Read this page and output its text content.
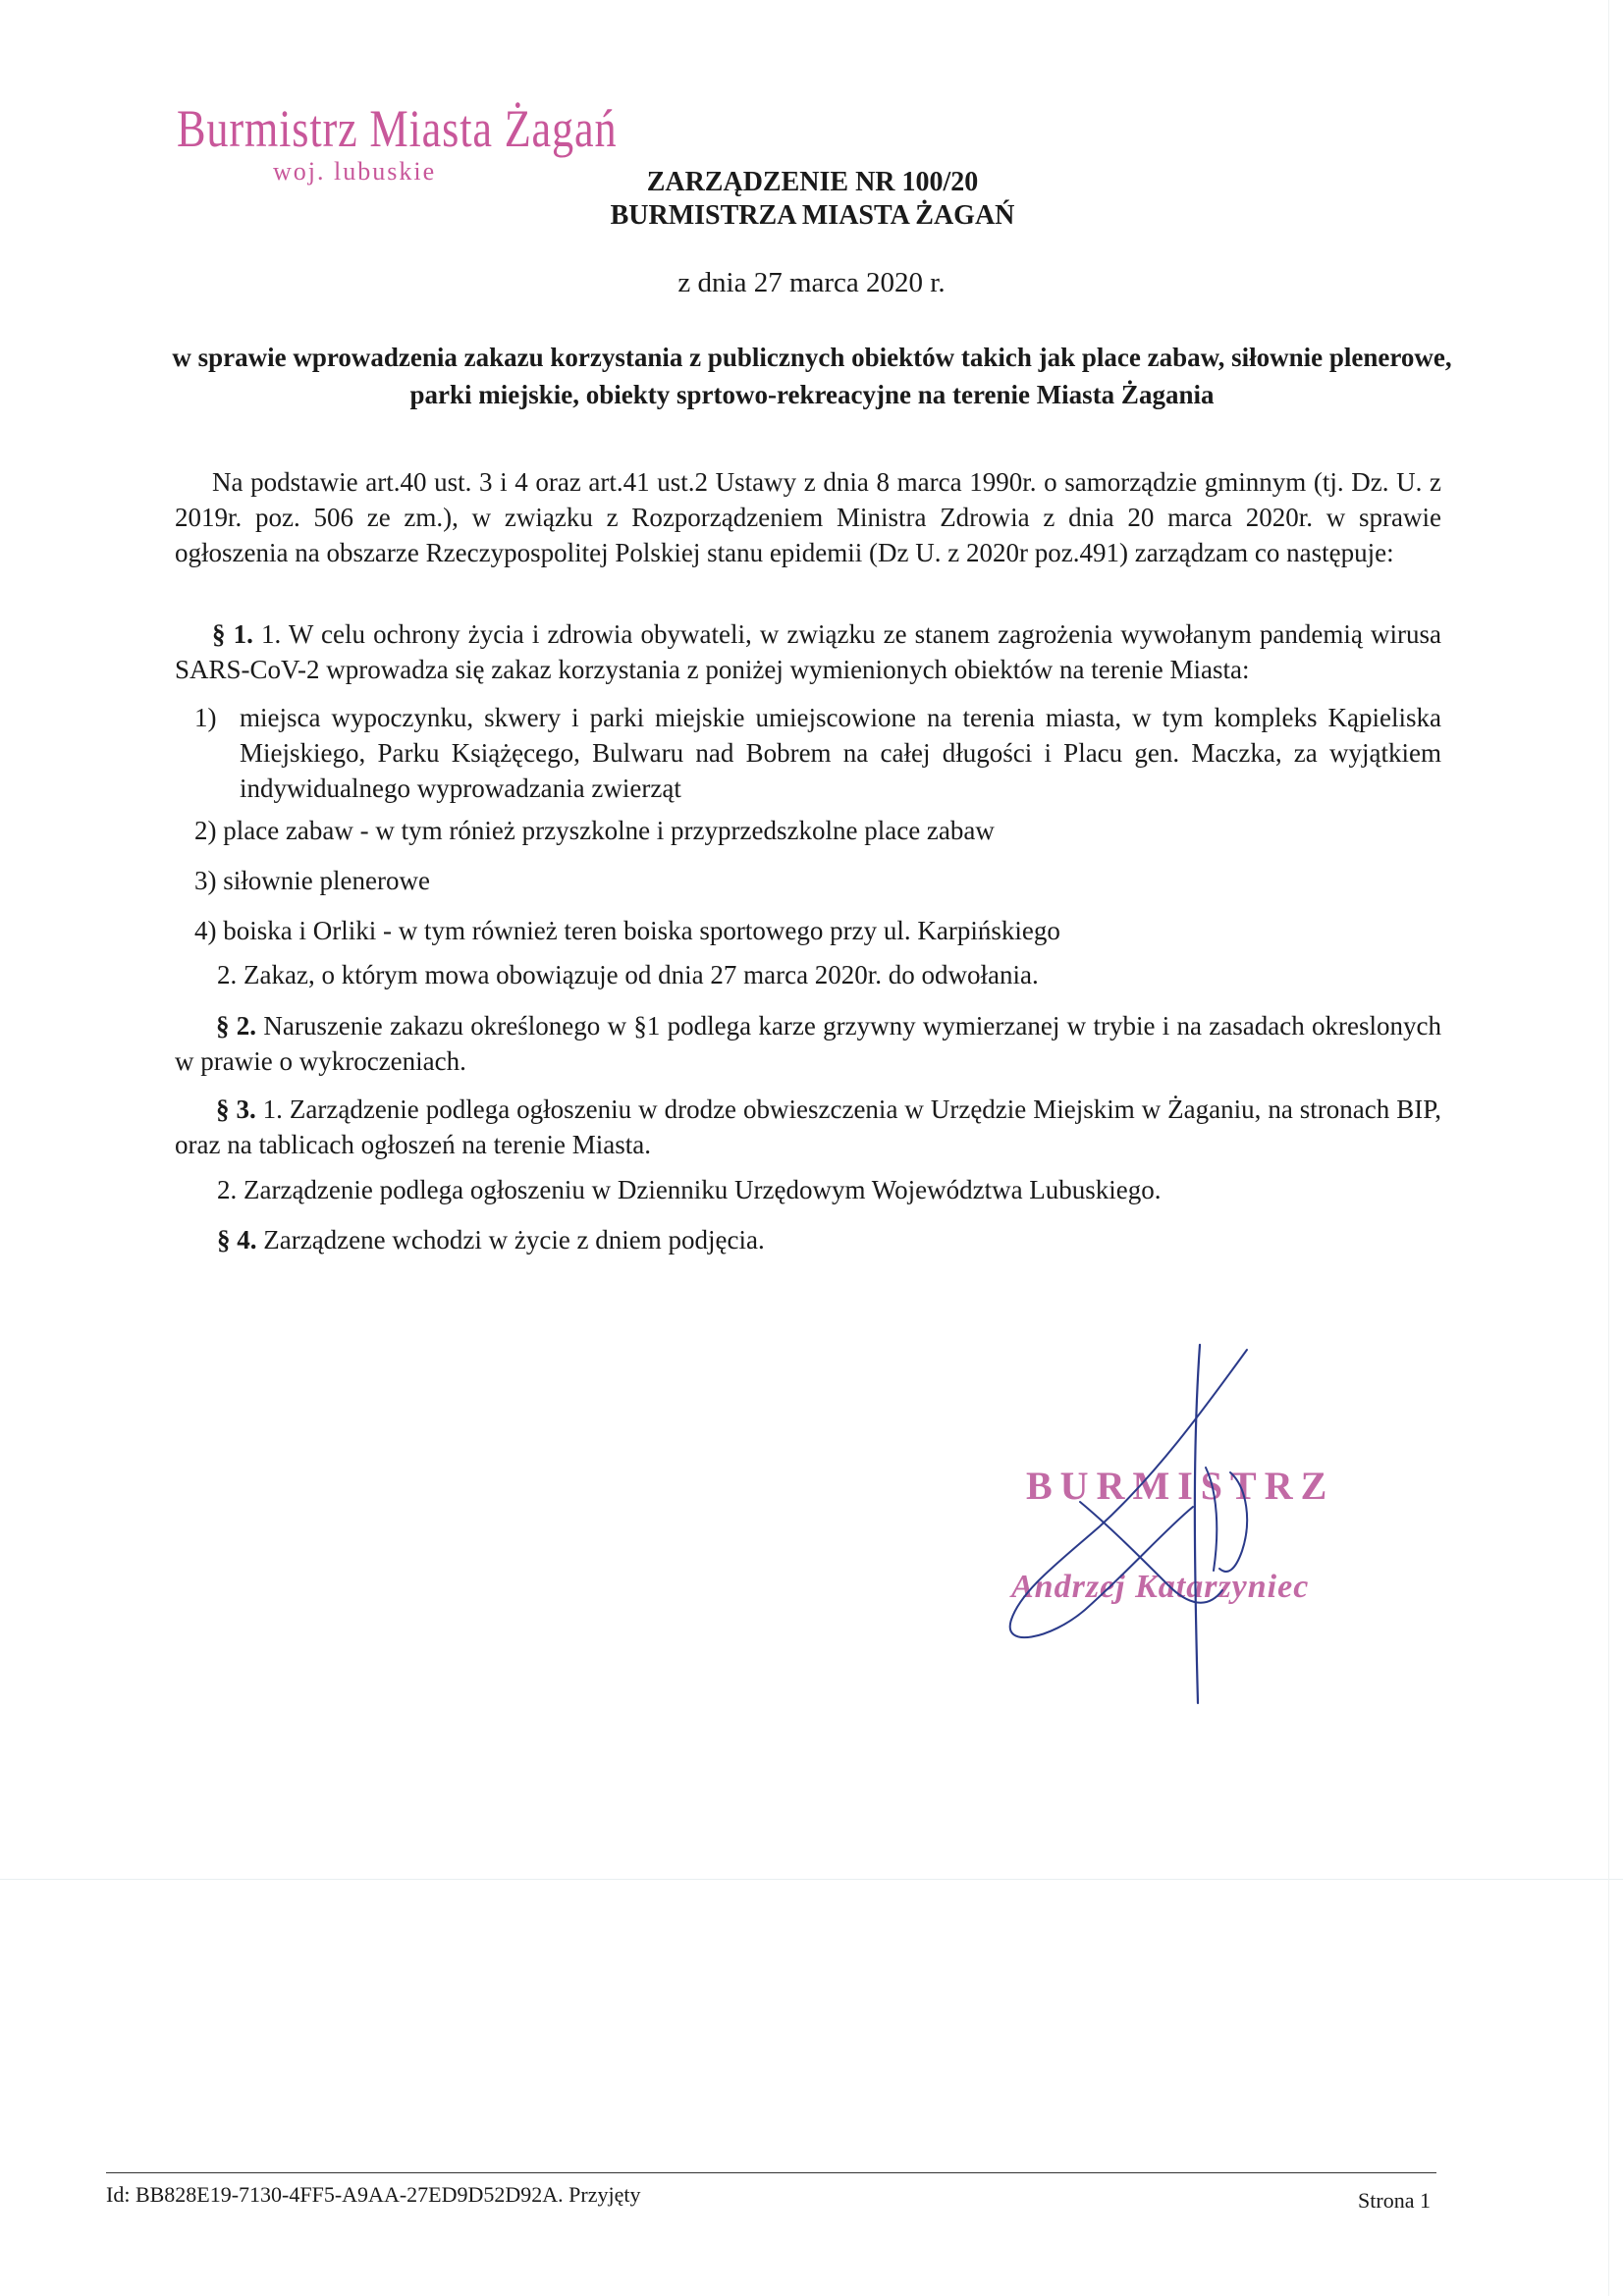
Burmistrz Miasta Żagań
woj. lubuskie	ZARZĄDZENIE NR 100/20
BURMISTRZA MIASTA ŻAGAŃ
z dnia 27 marca 2020 r.
w sprawie wprowadzenia zakazu korzystania z publicznych obiektów takich jak place zabaw, siłownie plenerowe, parki miejskie, obiekty sprtowo-rekreacyjne na terenie Miasta Żagania
Na podstawie art.40 ust. 3 i 4 oraz art.41 ust.2 Ustawy z dnia 8 marca 1990r. o samorządzie gminnym (tj. Dz. U. z 2019r. poz. 506 ze zm.), w związku z Rozporządzeniem Ministra Zdrowia z dnia 20 marca 2020r. w sprawie ogłoszenia na obszarze Rzeczypospolitej Polskiej stanu epidemii (Dz U. z 2020r poz.491) zarządzam co następuje:
§ 1. 1. W celu ochrony życia i zdrowia obywateli, w związku ze stanem zagrożenia wywołanym pandemią wirusa SARS-CoV-2 wprowadza się zakaz korzystania z poniżej wymienionych obiektów na terenie Miasta:
1) miejsca wypoczynku, skwery i parki miejskie umiejscowione na terenia miasta, w tym kompleks Kąpieliska Miejskiego, Parku Książęcego, Bulwaru nad Bobrem na całej długości i Placu gen. Maczka, za wyjątkiem indywidualnego wyprowadzania zwierząt
2) place zabaw - w tym rónież przyszkolne i przyprzedszkolne place zabaw
3) siłownie plenerowe
4) boiska i Orliki - w tym również teren boiska sportowego przy ul. Karpińskiego
2. Zakaz, o którym mowa obowiązuje od dnia 27 marca 2020r. do odwołania.
§ 2. Naruszenie zakazu określonego w §1 podlega karze grzywny wymierzanej w trybie i na zasadach okreslonych w prawie o wykroczeniach.
§ 3. 1. Zarządzenie podlega ogłoszeniu w drodze obwieszczenia w Urzędzie Miejskim w Żaganiu, na stronach BIP, oraz na tablicach ogłoszeń na terenie Miasta.
2. Zarządzenie podlega ogłoszeniu w Dzienniku Urzędowym Województwa Lubuskiego.
§ 4. Zarządzene wchodzi w życie z dniem podjęcia.
BURMISTRZ
Andrzej Katarzyniec
Id: BB828E19-7130-4FF5-A9AA-27ED9D52D92A. Przyjęty	Strona 1
